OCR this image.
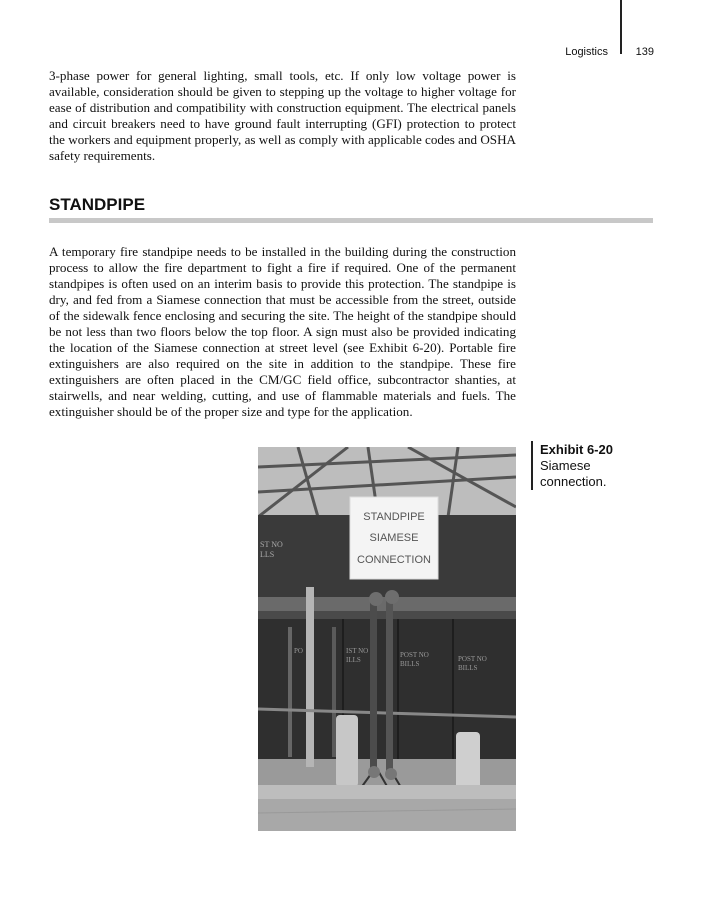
Logistics	139

3-phase power for general lighting, small tools, etc. If only low voltage power is available, consideration should be given to stepping up the voltage to higher voltage for ease of distribution and compatibility with construction equipment. The electrical panels and circuit breakers need to have ground fault interrupting (GFI) protection to protect the workers and equipment properly, as well as comply with applicable codes and OSHA safety requirements.

STANDPIPE

A temporary fire standpipe needs to be installed in the building during the construction process to allow the fire department to fight a fire if required. One of the permanent standpipes is often used on an interim basis to provide this protection. The standpipe is dry, and fed from a Siamese connection that must be accessible from the street, outside of the sidewalk fence enclosing and securing the site. The height of the standpipe should be not less than two floors below the top floor. A sign must also be provided indicating the location of the Siamese connection at street level (see Exhibit 6-20). Portable fire extinguishers are also required on the site in addition to the standpipe. These fire extinguishers are often placed in the CM/GC field office, subcontractor shanties, at stairwells, and near welding, cutting, and use of flammable materials and fuels. The extinguisher should be of the proper size and type for the application.

Exhibit 6-20
Siamese connection.
ST NO
LLS
STANDPIPE
SIAMESE
CONNECTION
PO	IST NO
ILLS
POST NO
BILLS
POST NO
BILLS
